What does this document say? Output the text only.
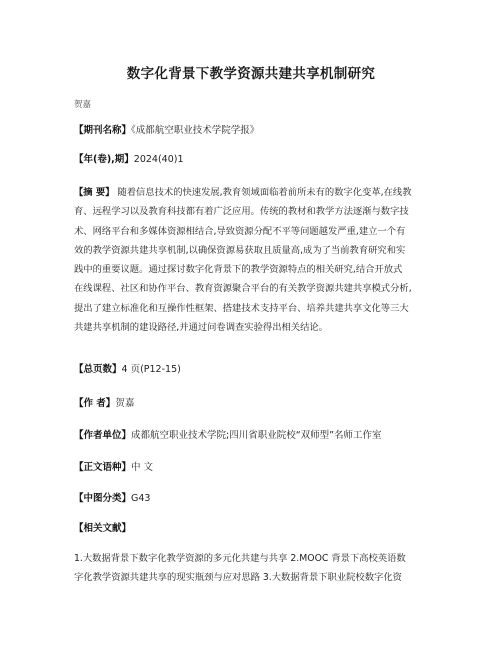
数字化背景下教学资源共建共享机制研究
贺嘉
【期刊名称】《成都航空职业技术学院学报》
【年(卷),期】2024(40)1
【摘 要】 随着信息技术的快速发展,教育领域面临着前所未有的数字化变革,在线教
育、远程学习以及教育科技都有着广泛应用。传统的教材和教学方法逐渐与数字技
术、网络平台和多媒体资源相结合,导致资源分配不平等问题越发严重,建立一个有
效的教学资源共建共享机制,以确保资源易获取且质量高,成为了当前教育研究和实
践中的重要议题。通过探讨数字化背景下的教学资源特点的相关研究,结合开放式
在线课程、社区和协作平台、教育资源聚合平台的有关教学资源共建共享模式分析,
提出了建立标准化和互操作性框架、搭建技术支持平台、培养共建共享文化等三大
共建共享机制的建设路径,并通过问卷调查实验得出相关结论。
【总页数】4 页(P12-15)
【作 者】贺嘉
【作者单位】成都航空职业技术学院;四川省职业院校“双师型”名师工作室
【正文语种】中 文
【中图分类】G43
【相关文献】
1.大数据背景下数字化教学资源的多元化共建与共享 2.MOOC 背景下高校英语数
字化教学资源共建共享的现实瓶颈与应对思路 3.大数据背景下职业院校数字化资
